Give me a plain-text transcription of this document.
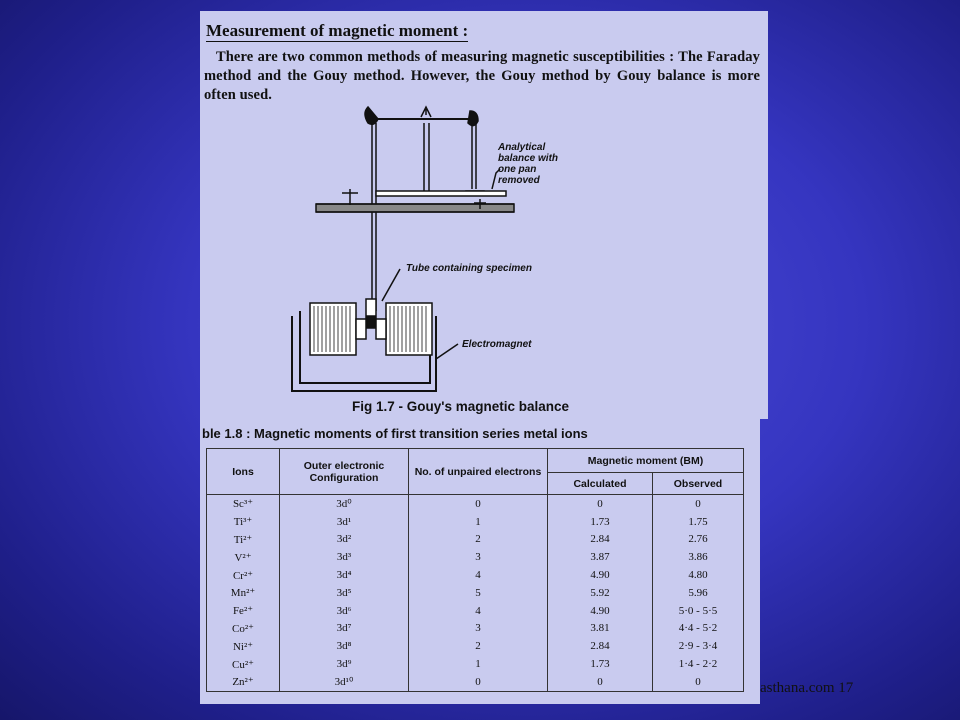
Measurement of magnetic moment :
There are two common methods of measuring magnetic susceptibilities : The Faraday method and the Gouy method. However, the Gouy method by Gouy balance is more often used.
Analytical
balance with
one pan
removed
Tube containing specimen
Electromagnet
Fig 1.7 - Gouy's magnetic balance
ble 1.8 : Magnetic moments of first transition series metal ions
Ions	Outer electronic Configuration	No. of unpaired electrons	Magnetic moment (BM)	
			Calculated	Observed
Sc³⁺	3d⁰	0	0	0
Ti³⁺	3d¹	1	1.73	1.75
Ti²⁺	3d²	2	2.84	2.76
V²⁺	3d³	3	3.87	3.86
Cr²⁺	3d⁴	4	4.90	4.80
Mn²⁺	3d⁵	5	5.92	5.96
Fe²⁺	3d⁶	4	4.90	5·0 - 5·5
Co²⁺	3d⁷	3	3.81	4·4 - 5·2
Ni²⁺	3d⁸	2	2.84	2·9 - 3·4
Cu²⁺	3d⁹	1	1.73	1·4 - 2·2
Zn²⁺	3d¹⁰	0	0	0	asthana.com 17
